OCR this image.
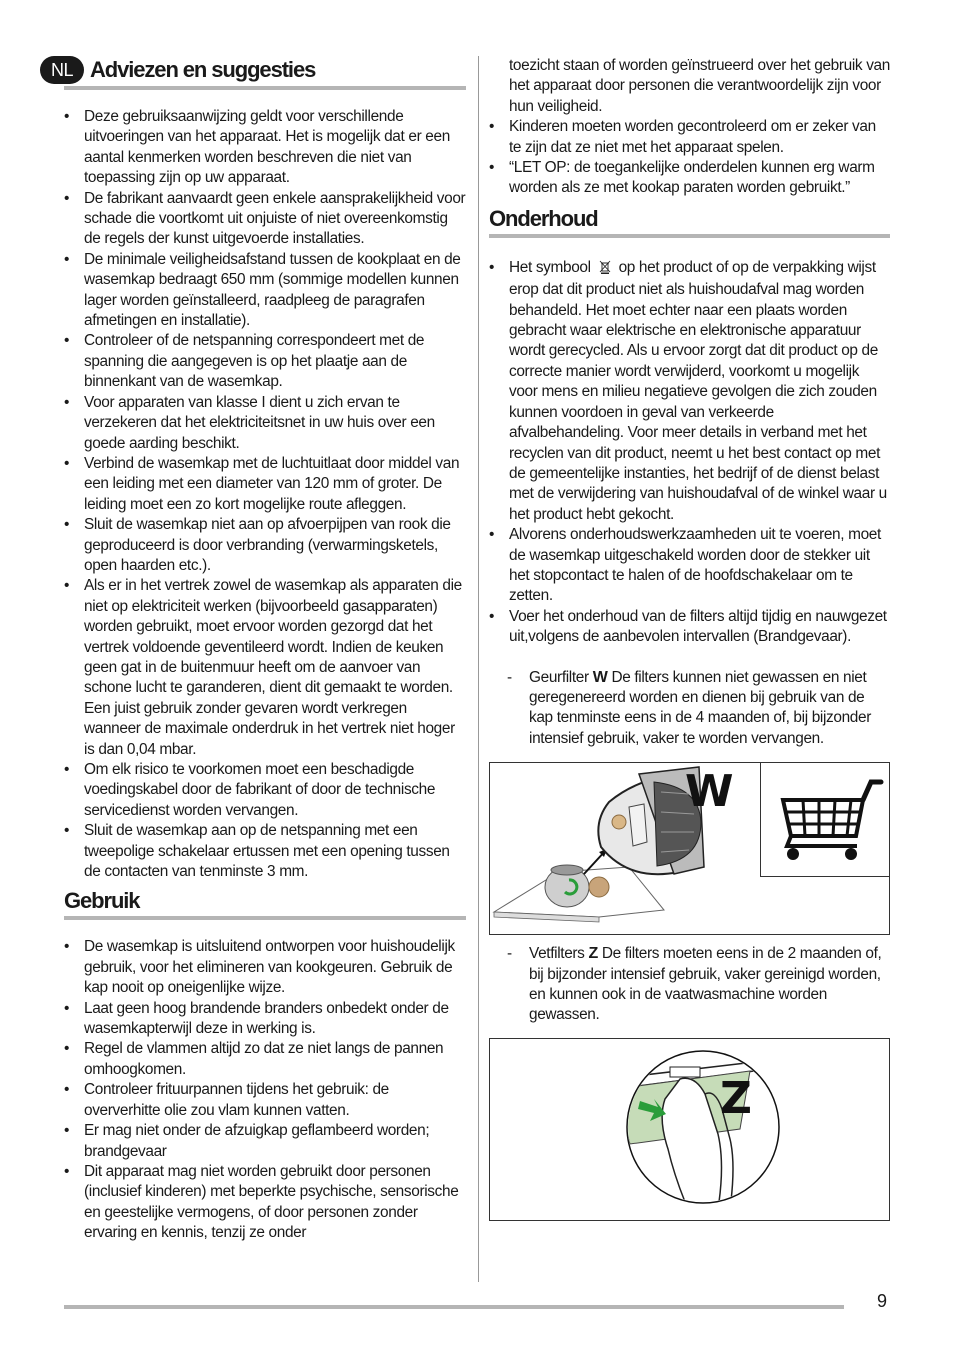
NL Adviezen en suggesties
• Deze gebruiksaanwijzing geldt voor verschillende uitvoeringen van het apparaat. Het is mogelijk dat er een aantal kenmerken worden beschreven die niet van toepassing zijn op uw apparaat.
• De fabrikant aanvaardt geen enkele aansprakelijkheid voor schade die voortkomt uit onjuiste of niet overeenkomstig de regels der kunst uitgevoerde installaties.
• De minimale veiligheidsafstand tussen de kookplaat en de wasemkap bedraagt 650 mm (sommige modellen kunnen lager worden geïnstalleerd, raadpleeg de paragrafen afmetingen en installatie).
• Controleer of de netspanning correspondeert met de spanning die aangegeven is op het plaatje aan de binnenkant van de wasemkap.
• Voor apparaten van klasse I dient u zich ervan te verzekeren dat het elektriciteitsnet in uw huis over een goede aarding beschikt.
• Verbind de wasemkap met de luchtuitlaat door middel van een leiding met een diameter van 120 mm of groter. De leiding moet een zo kort mogelijke route afleggen.
• Sluit de wasemkap niet aan op afvoerpijpen van rook die geproduceerd is door verbranding (verwarmingsketels, open haarden etc.).
• Als er in het vertrek zowel de wasemkap als apparaten die niet op elektriciteit werken (bijvoorbeeld gasapparaten) worden gebruikt, moet ervoor worden gezorgd dat het vertrek voldoende geventileerd wordt. Indien de keuken geen gat in de buitenmuur heeft om de aanvoer van schone lucht te garanderen, dient dit gemaakt te worden. Een juist gebruik zonder gevaren wordt verkregen wanneer de maximale onderdruk in het vertrek niet hoger is dan 0,04 mbar.
• Om elk risico te voorkomen moet een beschadigde voedingskabel door de fabrikant of door de technische servicedienst worden vervangen.
• Sluit de wasemkap aan op de netspanning met een tweepolige schakelaar ertussen met een opening tussen de contacten van tenminste 3 mm.
Gebruik
• De wasemkap is uitsluitend ontworpen voor huishoudelijk gebruik, voor het elimineren van kookgeuren. Gebruik de kap nooit op oneigenlijke wijze.
• Laat geen hoog brandende branders onbedekt onder de wasemkapterwijl deze in werking is.
• Regel de vlammen altijd zo dat ze niet langs de pannen omhoogkomen.
• Controleer frituurpannen tijdens het gebruik: de oververhitte olie zou vlam kunnen vatten.
• Er mag niet onder de afzuigkap geflambeerd worden; brandgevaar
• Dit apparaat mag niet worden gebruikt door personen (inclusief kinderen) met beperkte psychische, sensorische en geestelijke vermogens, of door personen zonder ervaring en kennis, tenzij ze onder
toezicht staan of worden geïnstrueerd over het gebruik van het apparaat door personen die verantwoordelijk zijn voor hun veiligheid.
• Kinderen moeten worden gecontroleerd om er zeker van te zijn dat ze niet met het apparaat spelen.
• “LET OP: de toegankelijke onderdelen kunnen erg warm worden als ze met kookap paraten worden gebruikt.”
Onderhoud
• Het symbool op het product of op de verpakking wijst erop dat dit product niet als huishoudafval mag worden behandeld. Het moet echter naar een plaats worden gebracht waar elektrische en elektronische apparatuur wordt gerecycled. Als u ervoor zorgt dat dit product op de correcte manier wordt verwijderd, voorkomt u mogelijk voor mens en milieu negatieve gevolgen die zich zouden kunnen voordoen in geval van verkeerde afvalbehandeling. Voor meer details in verband met het recyclen van dit product, neemt u het best contact op met de gemeentelijke instanties, het bedrijf of de dienst belast met de verwijdering van huishoudafval of de winkel waar u het product hebt gekocht.
• Alvorens onderhoudswerkzaamheden uit te voeren, moet de wasemkap uitgeschakeld worden door de stekker uit het stopcontact te halen of de hoofdschakelaar om te zetten.
• Voer het onderhoud van de filters altijd tijdig en nauwgezet uit,volgens de aanbevolen intervallen (Brandgevaar).
- Geurfilter W De filters kunnen niet gewassen en niet geregenereerd worden en dienen bij gebruik van de kap tenminste eens in de 4 maanden of, bij bijzonder intensief gebruik, vaker te worden vervangen.
W
- Vetfilters Z De filters moeten eens in de 2 maanden of, bij bijzonder intensief gebruik, vaker gereinigd worden, en kunnen ook in de vaatwasmachine worden gewassen.
Z
9
